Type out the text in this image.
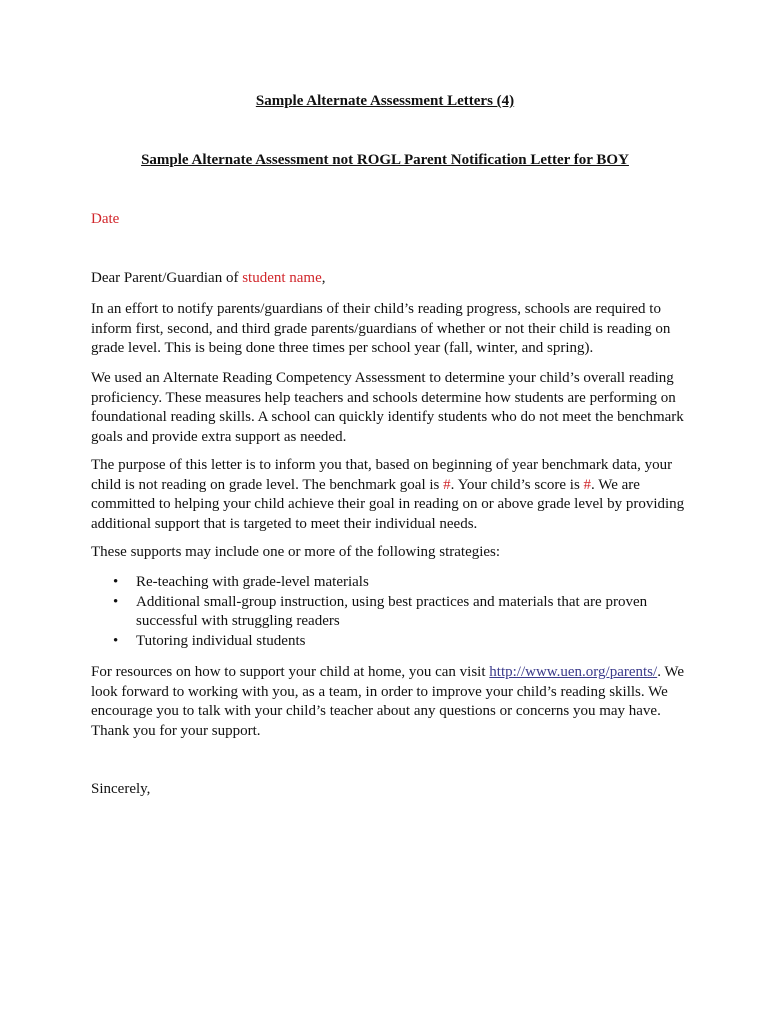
Sample Alternate Assessment Letters (4)
Sample Alternate Assessment not ROGL Parent Notification Letter for BOY
Date
Dear Parent/Guardian of student name,
In an effort to notify parents/guardians of their child’s reading progress, schools are required to inform first, second, and third grade parents/guardians of whether or not their child is reading on grade level. This is being done three times per school year (fall, winter, and spring).
We used an Alternate Reading Competency Assessment to determine your child’s overall reading proficiency. These measures help teachers and schools determine how students are performing on foundational reading skills. A school can quickly identify students who do not meet the benchmark goals and provide extra support as needed.
The purpose of this letter is to inform you that, based on beginning of year benchmark data, your child is not reading on grade level. The benchmark goal is #. Your child’s score is #. We are committed to helping your child achieve their goal in reading on or above grade level by providing additional support that is targeted to meet their individual needs.
These supports may include one or more of the following strategies:
• Re-teaching with grade-level materials
• Additional small-group instruction, using best practices and materials that are proven successful with struggling readers
• Tutoring individual students
For resources on how to support your child at home, you can visit http://www.uen.org/parents/. We look forward to working with you, as a team, in order to improve your child’s reading skills. We encourage you to talk with your child’s teacher about any questions or concerns you may have. Thank you for your support.
Sincerely,
